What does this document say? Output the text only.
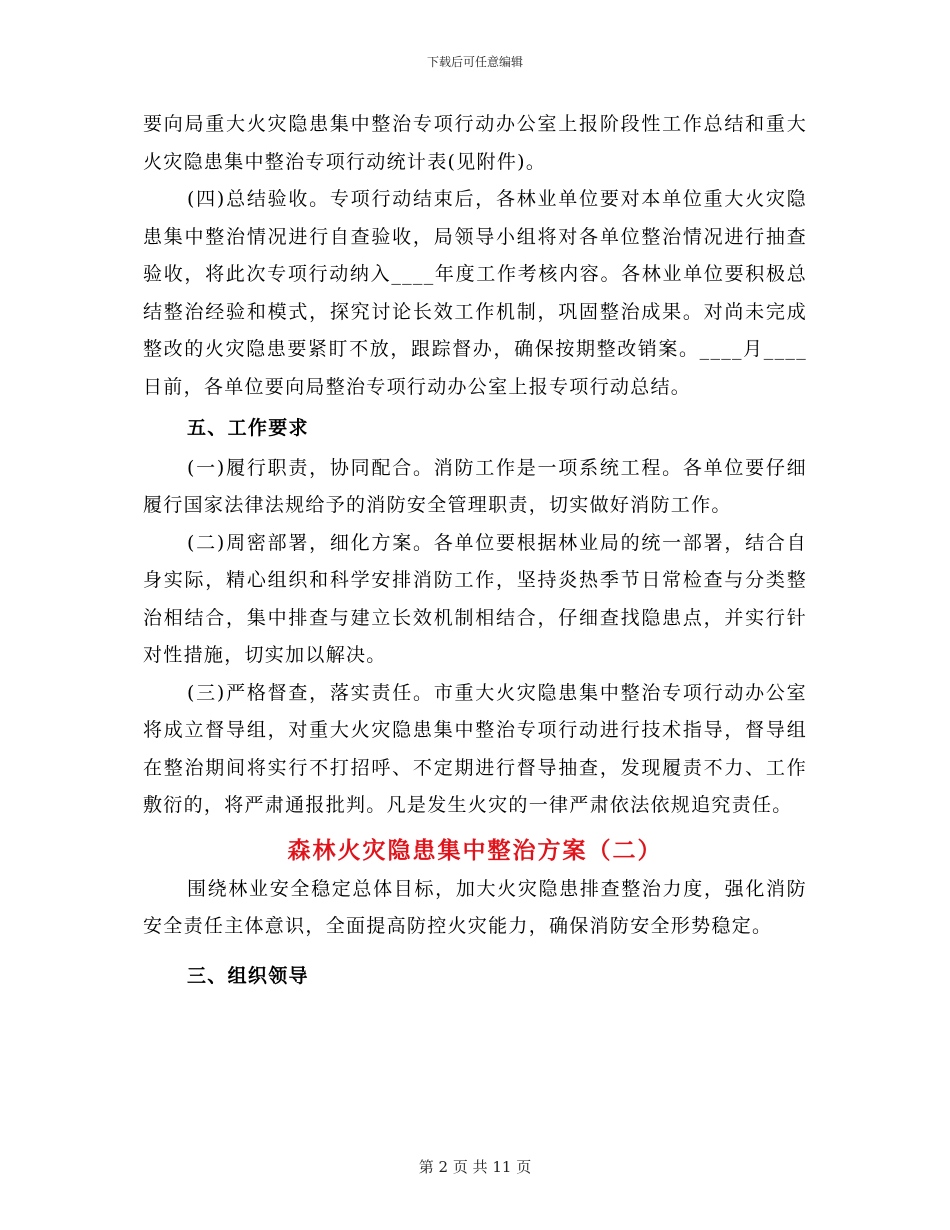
下载后可任意编辑

要向局重大火灾隐患集中整治专项行动办公室上报阶段性工作总结和重大火灾隐患集中整治专项行动统计表(见附件)。

(四)总结验收。专项行动结束后，各林业单位要对本单位重大火灾隐患集中整治情况进行自查验收，局领导小组将对各单位整治情况进行抽查验收，将此次专项行动纳入____年度工作考核内容。各林业单位要积极总结整治经验和模式，探究讨论长效工作机制，巩固整治成果。对尚未完成整改的火灾隐患要紧盯不放，跟踪督办，确保按期整改销案。____月____日前，各单位要向局整治专项行动办公室上报专项行动总结。

五、工作要求

(一)履行职责，协同配合。消防工作是一项系统工程。各单位要仔细履行国家法律法规给予的消防安全管理职责，切实做好消防工作。

(二)周密部署，细化方案。各单位要根据林业局的统一部署，结合自身实际，精心组织和科学安排消防工作，坚持炎热季节日常检查与分类整治相结合，集中排查与建立长效机制相结合，仔细查找隐患点，并实行针对性措施，切实加以解决。

(三)严格督查，落实责任。市重大火灾隐患集中整治专项行动办公室将成立督导组，对重大火灾隐患集中整治专项行动进行技术指导，督导组在整治期间将实行不打招呼、不定期进行督导抽查，发现履责不力、工作敷衍的，将严肃通报批判。凡是发生火灾的一律严肃依法依规追究责任。

森林火灾隐患集中整治方案（二）

围绕林业安全稳定总体目标，加大火灾隐患排查整治力度，强化消防安全责任主体意识，全面提高防控火灾能力，确保消防安全形势稳定。

三、组织领导
第 2 页 共 11 页
